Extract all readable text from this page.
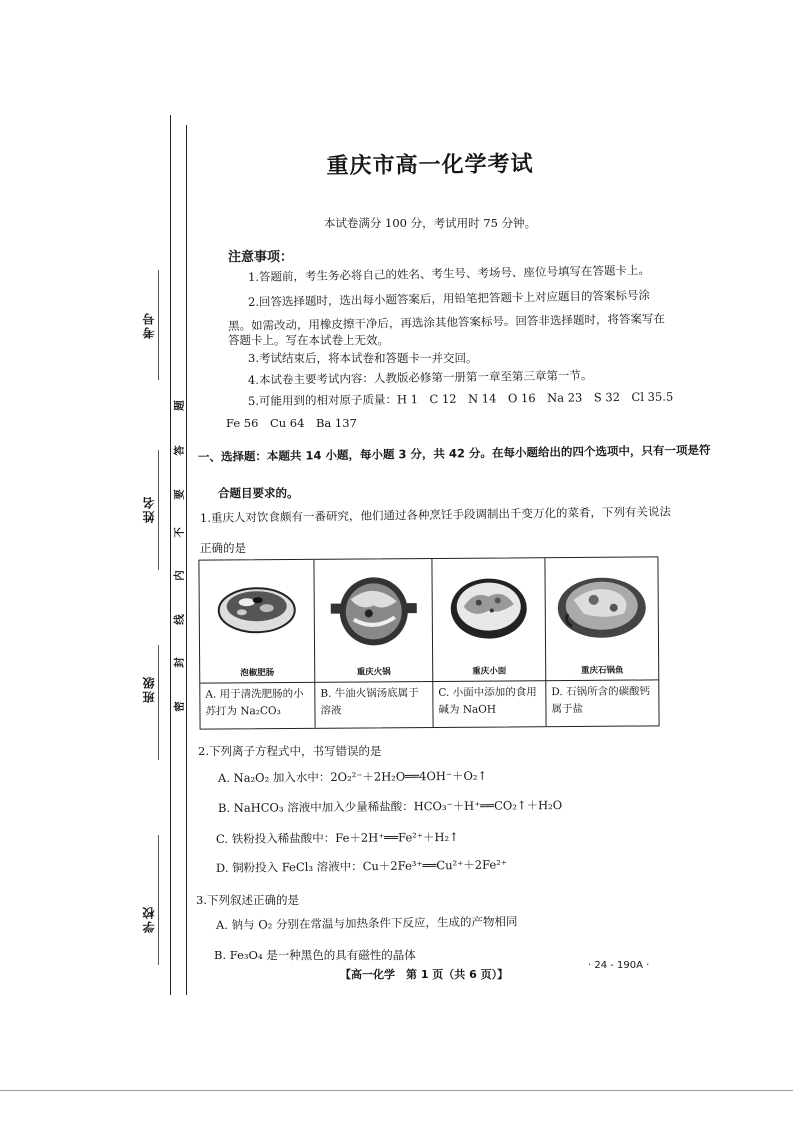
考号
姓名
班级
学校
密
封
线
内
不
要
答
题
重庆市高一化学考试
本试卷满分 100 分，考试用时 75 分钟。
注意事项：
1.答题前，考生务必将自己的姓名、考生号、考场号、座位号填写在答题卡上。
2.回答选择题时，选出每小题答案后，用铅笔把答题卡上对应题目的答案标号涂
黑。如需改动，用橡皮擦干净后，再选涂其他答案标号。回答非选择题时，将答案写在
答题卡上。写在本试卷上无效。
3.考试结束后，将本试卷和答题卡一并交回。
4.本试卷主要考试内容：人教版必修第一册第一章至第三章第一节。
5.可能用到的相对原子质量：H 1　C 12　N 14　O 16　Na 23　S 32　Cl 35.5
Fe 56　Cu 64　Ba 137
一、选择题：本题共 14 小题，每小题 3 分，共 42 分。在每小题给出的四个选项中，只有一项是符
合题目要求的。
1.重庆人对饮食颇有一番研究，他们通过各种烹饪手段调制出千变万化的菜肴，下列有关说法
正确的是
泡椒肥肠	重庆火锅	重庆小面	重庆石锅鱼
A. 用于清洗肥肠的小苏打为 Na₂CO₃
B. 牛油火锅汤底属于溶液
C. 小面中添加的食用碱为 NaOH
D. 石锅所含的碳酸钙属于盐
2.下列离子方程式中，书写错误的是
A. Na₂O₂ 加入水中：2O₂²⁻＋2H₂O══4OH⁻＋O₂↑
B. NaHCO₃ 溶液中加入少量稀盐酸：HCO₃⁻＋H⁺══CO₂↑＋H₂O
C. 铁粉投入稀盐酸中：Fe＋2H⁺══Fe²⁺＋H₂↑
D. 铜粉投入 FeCl₃ 溶液中：Cu＋2Fe³⁺══Cu²⁺＋2Fe²⁺
3.下列叙述正确的是
A. 钠与 O₂ 分别在常温与加热条件下反应，生成的产物相同
B. Fe₃O₄ 是一种黑色的具有磁性的晶体
【高一化学　第 1 页（共 6 页）】
· 24 - 190A ·
